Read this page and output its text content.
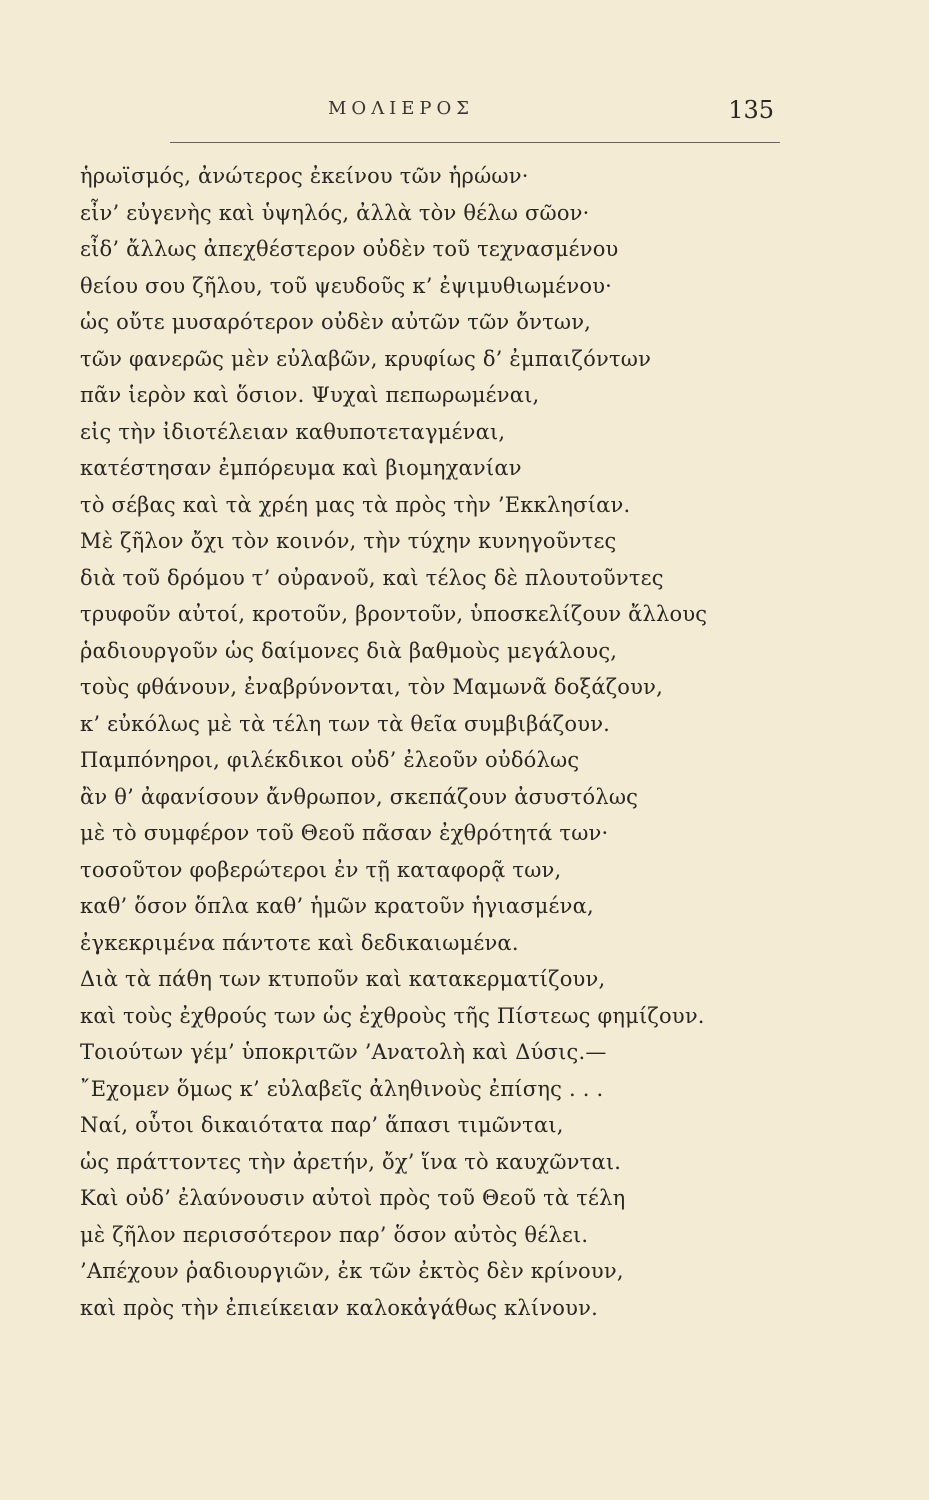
ΜΟΛΙΕΡΟΣ	135
ἡρωϊσμός, ἀνώτερος ἐκείνου τῶν ἡρώων·
εἶν’ εὐγενὴς καὶ ὑψηλός, ἀλλὰ τὸν θέλω σῶον·
εἶδ’ ἄλλως ἀπεχθέστερον οὐδὲν τοῦ τεχνασμένου
θείου σου ζῆλου, τοῦ ψευδοῦς κ’ ἐψιμυθιωμένου·
ὡς οὔτε μυσαρότερον οὐδὲν αὐτῶν τῶν ὄντων,
τῶν φανερῶς μὲν εὐλαβῶν, κρυφίως δ’ ἐμπαιζόντων
πᾶν ἱερὸν καὶ ὅσιον. Ψυχαὶ πεπωρωμέναι,
εἰς τὴν ἰδιοτέλειαν καθυποτεταγμέναι,
κατέστησαν ἐμπόρευμα καὶ βιομηχανίαν
τὸ σέβας καὶ τὰ χρέη μας τὰ πρὸς τὴν ’Εκκλησίαν.
Μὲ ζῆλον ὄχι τὸν κοινόν, τὴν τύχην κυνηγοῦντες
διὰ τοῦ δρόμου τ’ οὐρανοῦ, καὶ τέλος δὲ πλουτοῦντες
τρυφοῦν αὐτοί, κροτοῦν, βροντοῦν, ὑποσκελίζουν ἄλλους
ῥαδιουργοῦν ὡς δαίμονες διὰ βαθμοὺς μεγάλους,
τοὺς φθάνουν, ἐναβρύνονται, τὸν Μαμωνᾶ δοξάζουν,
κ’ εὐκόλως μὲ τὰ τέλη των τὰ θεῖα συμβιβάζουν.
Παμπόνηροι, φιλέκδικοι οὐδ’ ἐλεοῦν οὐδόλως
ἂν θ’ ἀφανίσουν ἄνθρωπον, σκεπάζουν ἀσυστόλως
μὲ τὸ συμφέρον τοῦ Θεοῦ πᾶσαν ἐχθρότητά των·
τοσοῦτον φοβερώτεροι ἐν τῇ καταφορᾷ των,
καθ’ ὅσον ὅπλα καθ’ ἡμῶν κρατοῦν ἡγιασμένα,
ἐγκεκριμένα πάντοτε καὶ δεδικαιωμένα.
Διὰ τὰ πάθη των κτυποῦν καὶ κατακερματίζουν,
καὶ τοὺς ἐχθρούς των ὡς ἐχθροὺς τῆς Πίστεως φημίζουν.
Τοιούτων γέμ’ ὑποκριτῶν ’Ανατολὴ καὶ Δύσις.—
῎Εχομεν ὅμως κ’ εὐλαβεῖς ἀληθινοὺς ἐπίσης . . .
Ναί, οὗτοι δικαιότατα παρ’ ἅπασι τιμῶνται,
ὡς πράττοντες τὴν ἀρετήν, ὄχ’ ἵνα τὸ καυχῶνται.
Καὶ οὐδ’ ἐλαύνουσιν αὐτοὶ πρὸς τοῦ Θεοῦ τὰ τέλη
μὲ ζῆλον περισσότερον παρ’ ὅσον αὐτὸς θέλει.
’Απέχουν ῥαδιουργιῶν, ἐκ τῶν ἐκτὸς δὲν κρίνουν,
καὶ πρὸς τὴν ἐπιείκειαν καλοκἀγάθως κλίνουν.
